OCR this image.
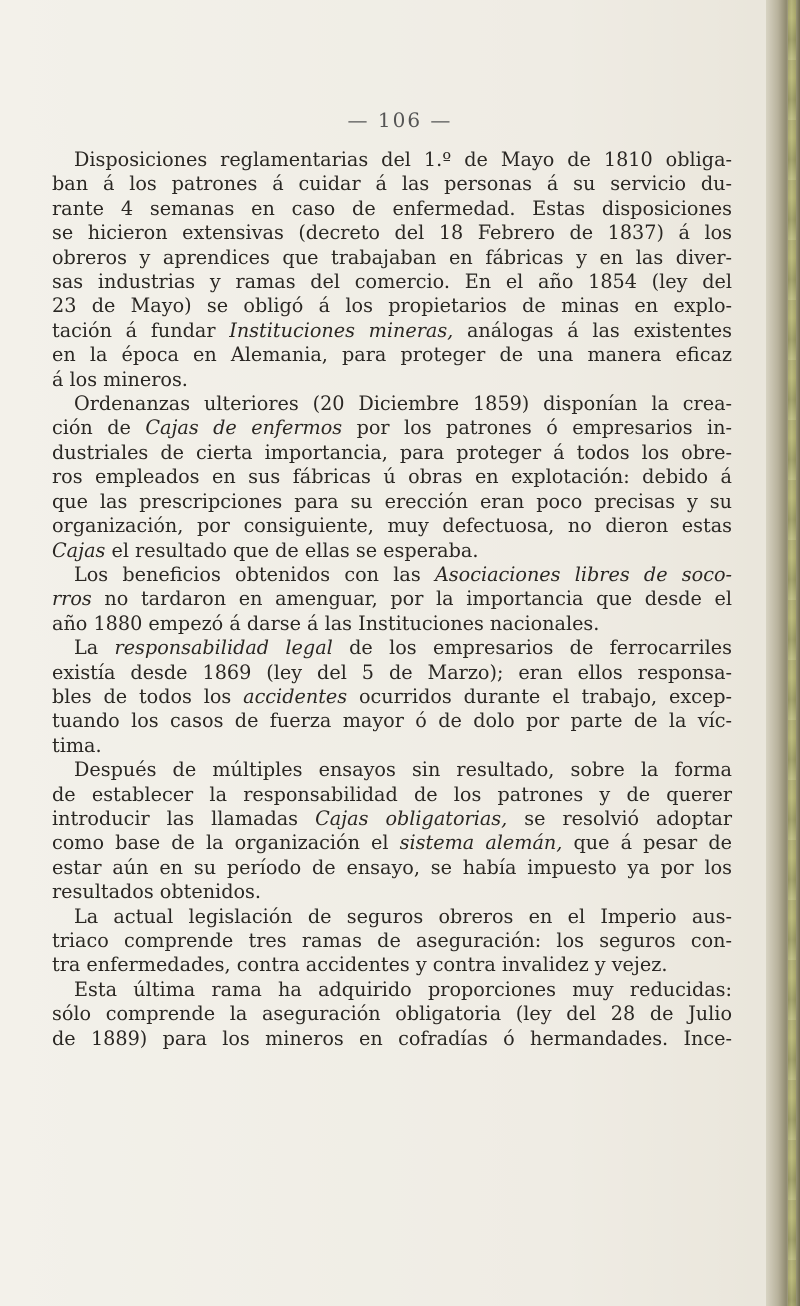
— 106 —

Disposiciones reglamentarias del 1.º de Mayo de 1810 obliga-
ban á los patrones á cuidar á las personas á su servicio du-
rante 4 semanas en caso de enfermedad. Estas disposiciones
se hicieron extensivas (decreto del 18 Febrero de 1837) á los
obreros y aprendices que trabajaban en fábricas y en las diver-
sas industrias y ramas del comercio. En el año 1854 (ley del
23 de Mayo) se obligó á los propietarios de minas en explo-
tación á fundar Instituciones mineras, análogas á las existentes
en la época en Alemania, para proteger de una manera eficaz
á los mineros.

Ordenanzas ulteriores (20 Diciembre 1859) disponían la crea-
ción de Cajas de enfermos por los patrones ó empresarios in-
dustriales de cierta importancia, para proteger á todos los obre-
ros empleados en sus fábricas ú obras en explotación: debido á
que las prescripciones para su erección eran poco precisas y su
organización, por consiguiente, muy defectuosa, no dieron estas
Cajas el resultado que de ellas se esperaba.

Los beneficios obtenidos con las Asociaciones libres de soco-
rros no tardaron en amenguar, por la importancia que desde el
año 1880 empezó á darse á las Instituciones nacionales.

La responsabilidad legal de los empresarios de ferrocarriles
existía desde 1869 (ley del 5 de Marzo); eran ellos responsa-
bles de todos los accidentes ocurridos durante el trabajo, excep-
tuando los casos de fuerza mayor ó de dolo por parte de la víc-
tima.

Después de múltiples ensayos sin resultado, sobre la forma
de establecer la responsabilidad de los patrones y de querer
introducir las llamadas Cajas obligatorias, se resolvió adoptar
como base de la organización el sistema alemán, que á pesar de
estar aún en su período de ensayo, se había impuesto ya por los
resultados obtenidos.

La actual legislación de seguros obreros en el Imperio aus-
triaco comprende tres ramas de aseguración: los seguros con-
tra enfermedades, contra accidentes y contra invalidez y vejez.

Esta última rama ha adquirido proporciones muy reducidas:
sólo comprende la aseguración obligatoria (ley del 28 de Julio
de 1889) para los mineros en cofradías ó hermandades. Ince-
